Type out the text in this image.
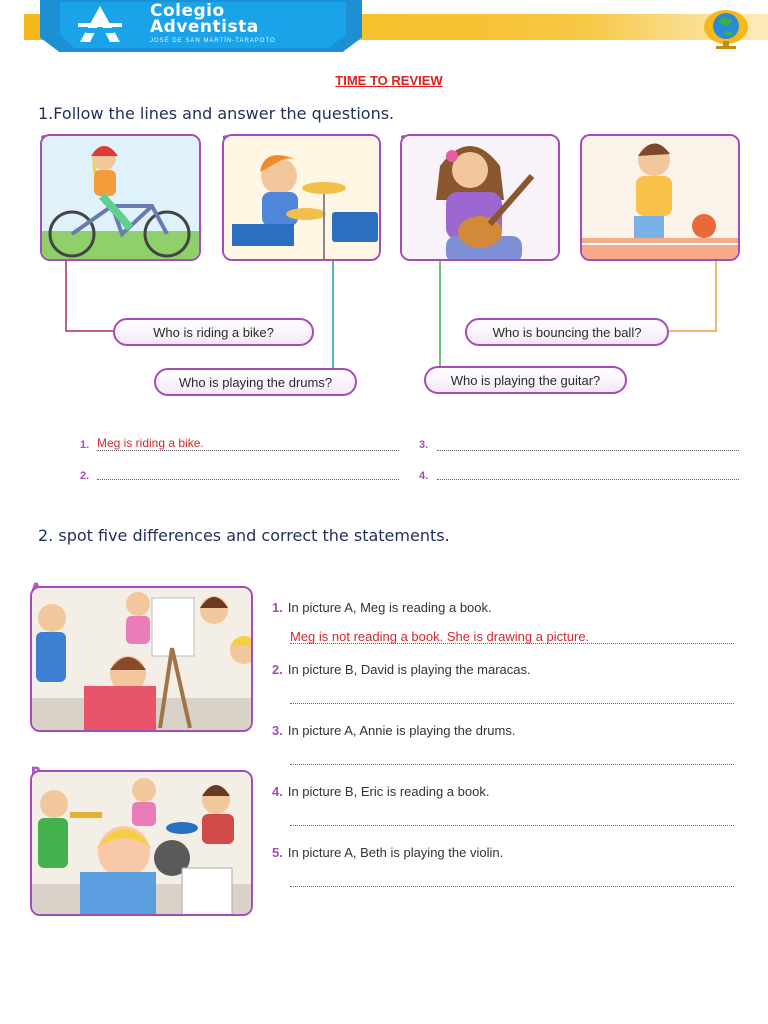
Colegio
Adventista
JOSÉ DE SAN MARTÍN-TARAPOTO
TIME TO REVIEW
1.Follow the lines and answer the questions.
Who is riding a bike?	Who is bouncing the ball?
Who is playing the drums?	Who is playing the guitar?
1. Meg is riding a bike.	3.
2.	4.
2. spot five differences and correct the statements.
1. In picture A, Meg is reading a book.
Meg is not reading a book. She is drawing a picture.
2. In picture B, David is playing the maracas.
3. In picture A, Annie is playing the drums.
4. In picture B, Eric is reading a book.
5. In picture A, Beth is playing the violin.
